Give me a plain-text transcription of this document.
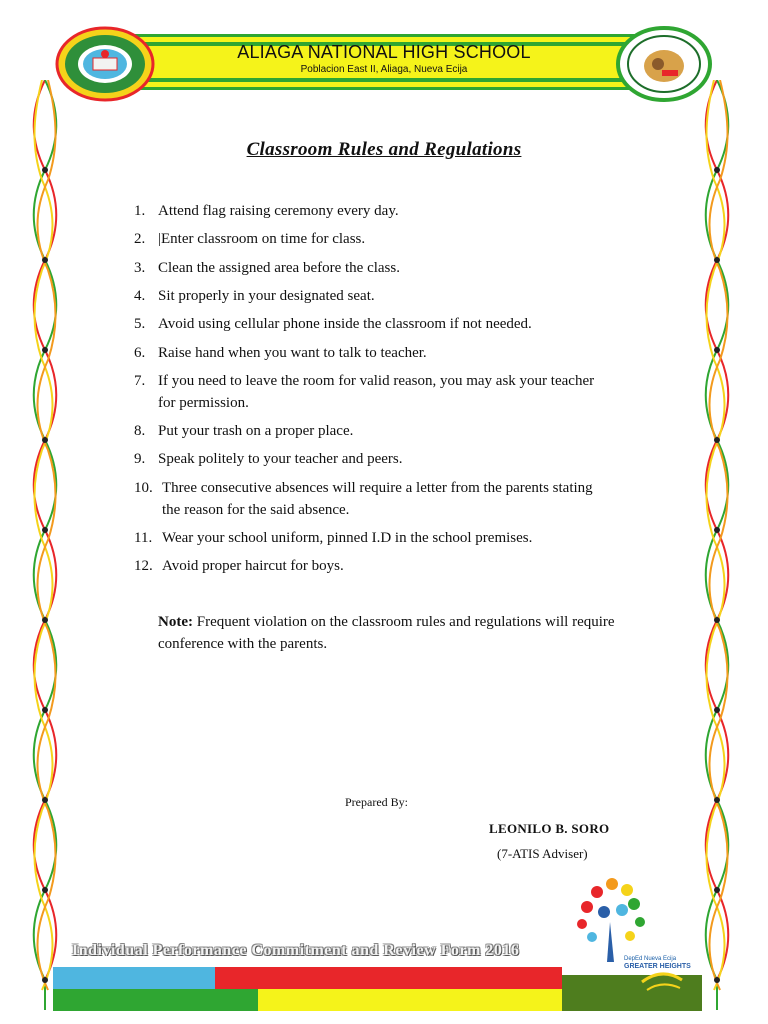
ALIAGA NATIONAL HIGH SCHOOL
Poblacion East II, Aliaga, Nueva Ecija
Classroom Rules and Regulations
1. Attend flag raising ceremony every day.
2. |Enter classroom on time for class.
3. Clean the assigned area before the class.
4. Sit properly in your designated seat.
5. Avoid using cellular phone inside the classroom if not needed.
6. Raise hand when you want to talk to teacher.
7. If you need to leave the room for valid reason, you may ask your teacher
for permission.
8. Put your trash on a proper place.
9. Speak politely to your teacher and peers.
10. Three consecutive absences will require a letter from the parents stating
the reason for the said absence.
11. Wear your school uniform, pinned I.D in the school premises.
12. Avoid proper haircut for boys.
Note: Frequent violation on the classroom rules and regulations will require conference with the parents.
Prepared By:
LEONILO B. SORO
(7-ATIS Adviser)
Individual Performance Commitment and Review Form 2016	DepEd Nueva Ecija
GREATER HEIGHTS
